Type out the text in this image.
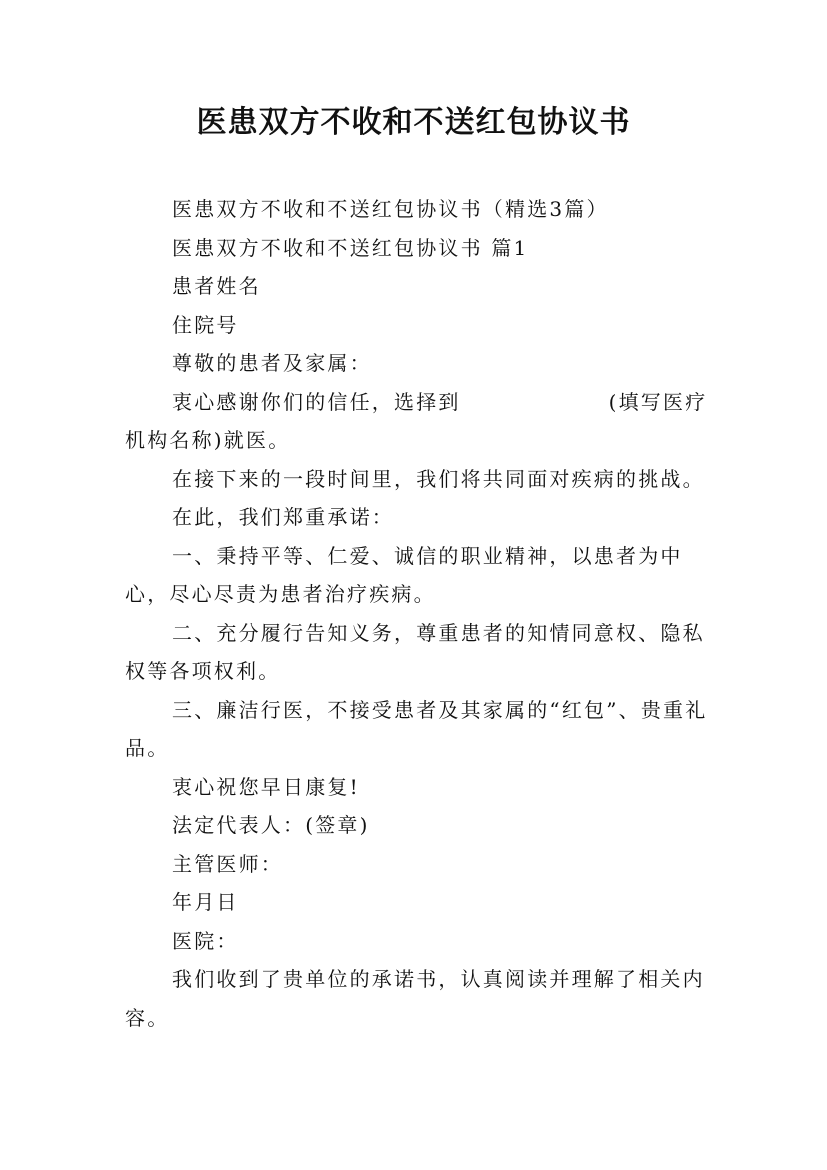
医患双方不收和不送红包协议书

医患双方不收和不送红包协议书（精选3篇）

医患双方不收和不送红包协议书 篇1

患者姓名

住院号

尊敬的患者及家属：

衷心感谢你们的信任，选择到	(填写医疗机构名称)就医。

在接下来的一段时间里，我们将共同面对疾病的挑战。

在此，我们郑重承诺：

一、秉持平等、仁爱、诚信的职业精神，以患者为中心，尽心尽责为患者治疗疾病。

二、充分履行告知义务，尊重患者的知情同意权、隐私权等各项权利。

三、廉洁行医，不接受患者及其家属的“红包”、贵重礼品。

衷心祝您早日康复!

法定代表人：(签章)

主管医师：

年月日

医院：

我们收到了贵单位的承诺书，认真阅读并理解了相关内容。
